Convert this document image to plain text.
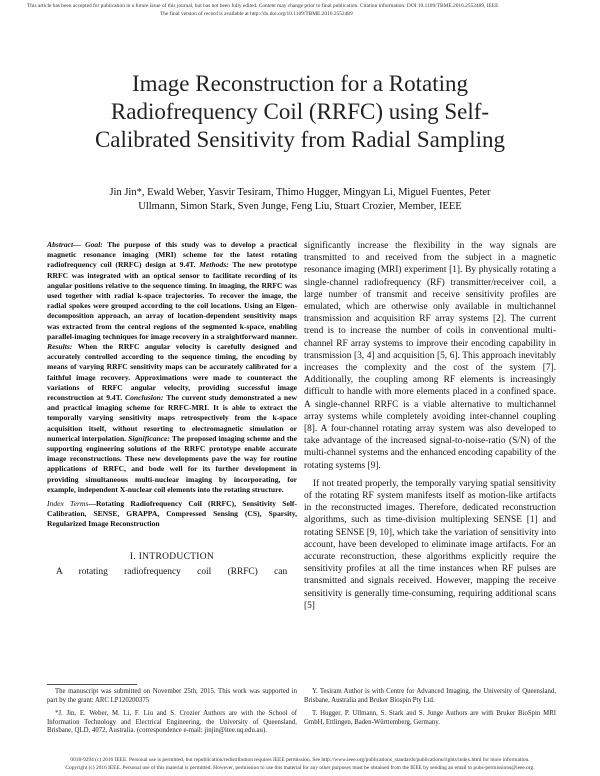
This article has been accepted for publication in a future issue of this journal, but has not been fully edited. Content may change prior to final publication. Citation information: DOI 10.1109/TBME.2016.2552489, IEEE
The final version of record is available at http://dx.doi.org/10.1109/TBME.2016.2552489
Image Reconstruction for a Rotating
Radiofrequency Coil (RRFC) using Self-
Calibrated Sensitivity from Radial Sampling
Jin Jin*, Ewald Weber, Yasvir Tesiram, Thimo Hugger, Mingyan Li, Miguel Fuentes, Peter
Ullmann, Simon Stark, Sven Junge, Feng Liu, Stuart Crozier, Member, IEEE

Abstract— Goal: The purpose of this study was to develop a practical magnetic resonance imaging (MRI) scheme for the latest rotating radiofrequency coil (RRFC) design at 9.4T. Methods: The new prototype RRFC was integrated with an optical sensor to facilitate recording of its angular positions relative to the sequence timing. In imaging, the RRFC was used together with radial k-space trajectories. To recover the image, the radial spokes were grouped according to the coil locations. Using an Eigen-decomposition approach, an array of location-dependent sensitivity maps was extracted from the central regions of the segmented k-space, enabling parallel-imaging techniques for image recovery in a straightforward manner. Results: When the RRFC angular velocity is carefully designed and accurately controlled according to the sequence timing, the encoding by means of varying RRFC sensitivity maps can be accurately calibrated for a faithful image recovery. Approximations were made to counteract the variations of RRFC angular velocity, providing successful image reconstruction at 9.4T. Conclusion: The current study demonstrated a new and practical imaging scheme for RRFC-MRI. It is able to extract the temporally varying sensitivity maps retrospectively from the k-space acquisition itself, without resorting to electromagnetic simulation or numerical interpolation. Significance: The proposed imaging scheme and the supporting engineering solutions of the RRFC prototype enable accurate image reconstructions. These new developments pave the way for routine applications of RRFC, and bode well for its further development in providing simultaneous multi-nuclear imaging by incorporating, for example, independent X-nuclear coil elements into the rotating structure.

Index Terms—Rotating Radiofrequency Coil (RRFC), Sensitivity Self-Calibration, SENSE, GRAPPA, Compressed Sensing (CS), Sparsity, Regularized Image Reconstruction

I. INTRODUCTION

A rotating radiofrequency coil (RRFC) can

significantly increase the flexibility in the way signals are transmitted to and received from the subject in a magnetic resonance imaging (MRI) experiment [1]. By physically rotating a single-channel radiofrequency (RF) transmitter/receiver coil, a large number of transmit and receive sensitivity profiles are emulated, which are otherwise only available in multichannel transmission and acquisition RF array systems [2]. The current trend is to increase the number of coils in conventional multi-channel RF array systems to improve their encoding capability in transmission [3, 4] and acquisition [5, 6]. This approach inevitably increases the complexity and the cost of the system [7]. Additionally, the coupling among RF elements is increasingly difficult to handle with more elements placed in a confined space. A single-channel RRFC is a viable alternative to multichannel array systems while completely avoiding inter-channel coupling [8]. A four-channel rotating array system was also developed to take advantage of the increased signal-to-noise-ratio (S/N) of the multi-channel systems and the enhanced encoding capability of the rotating systems [9].

If not treated properly, the temporally varying spatial sensitivity of the rotating RF system manifests itself as motion-like artifacts in the reconstructed images. Therefore, dedicated reconstruction algorithms, such as time-division multiplexing SENSE [1] and rotating SENSE [9, 10], which take the variation of sensitivity into account, have been developed to eliminate image artifacts. For an accurate reconstruction, these algorithms explicitly require the sensitivity profiles at all the time instances when RF pulses are transmitted and signals received. However, mapping the receive sensitivity is generally time-consuming, requiring additional scans [5]

The manuscript was submitted on November 25th, 2015. This work was supported in part by the grant: ARC LP120200375

*J. Jin, E. Weber, M. Li, F. Liu and S. Crozier Authors are with the School of Information Technology and Electrical Engineering, the University of Queensland, Brisbane, QLD, 4072, Australia. (correspondence e-mail: jinjin@itee.uq.edu.au).

Y. Tesiram Author is with Centre for Advanced Imaging, the University of Queensland, Brisbane, Australia and Bruker Biospin Pty Ltd.

T. Hugger, P. Ullmann, S. Stark and S. Junge Authors are with Bruker BioSpin MRI GmbH, Ettlingen, Baden-Württemberg, Germany.

0018-9294 (c) 2016 IEEE. Personal use is permitted, but republication/redistribution requires IEEE permission. See http://www.ieee.org/publications_standards/publications/rights/index.html for more information.
Copyright (c) 2016 IEEE. Personal use of this material is permitted. However, permission to use this material for any other purposes must be obtained from the IEEE by sending an email to pubs-permissions@ieee.org.
